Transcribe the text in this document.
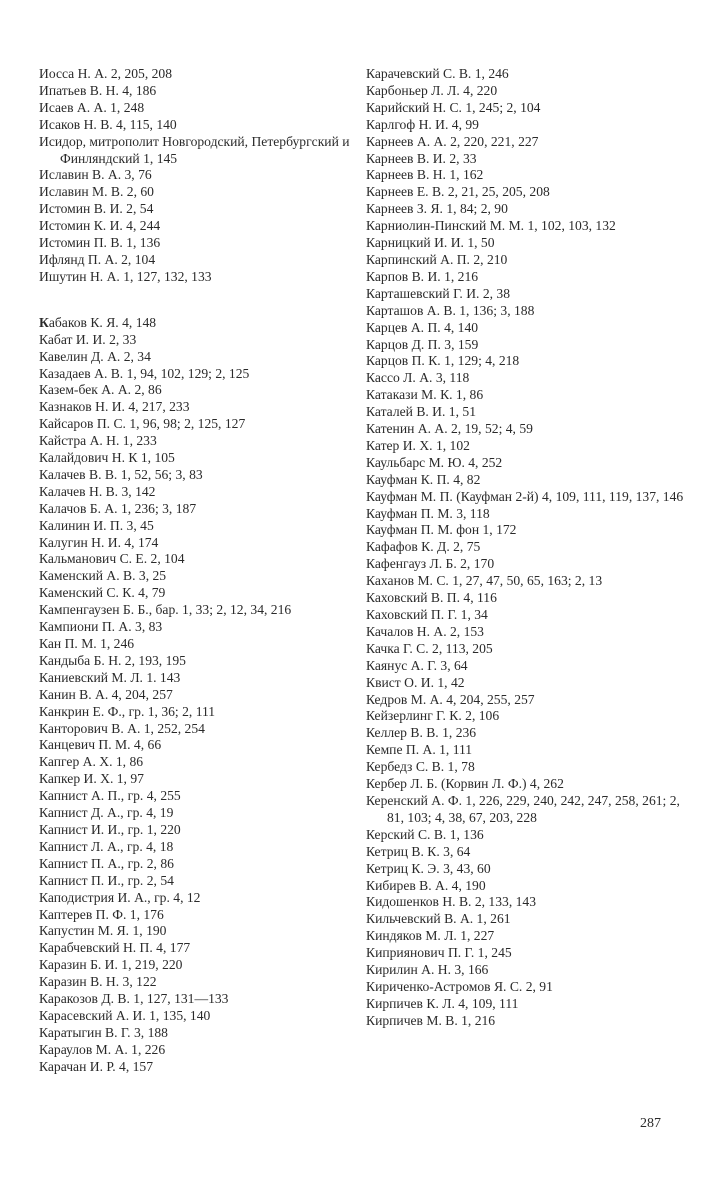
Иосса Н. А. 2, 205, 208

Ипатьев В. Н. 4, 186

Исаев А. А. 1, 248

Исаков Н. В. 4, 115, 140

Исидор, митрополит Новгородский, Петербургский и Финляндский 1, 145

Иславин В. А. 3, 76

Иславин М. В. 2, 60

Истомин В. И. 2, 54

Истомин К. И. 4, 244

Истомин П. В. 1, 136

Ифлянд П. А. 2, 104

Ишутин Н. А. 1, 127, 132, 133

Кабаков К. Я. 4, 148

Кабат И. И. 2, 33

Кавелин Д. А. 2, 34

Казадаев А. В. 1, 94, 102, 129; 2, 125

Казем-бек А. А. 2, 86

Казнаков Н. И. 4, 217, 233

Кайсаров П. С. 1, 96, 98; 2, 125, 127

Кайстра А. Н. 1, 233

Калайдович Н. К 1, 105

Калачев В. В. 1, 52, 56; 3, 83

Калачев Н. В. 3, 142

Калачов Б. А. 1, 236; 3, 187

Калинин И. П. 3, 45

Калугин Н. И. 4, 174

Кальманович С. Е. 2, 104

Каменский А. В. 3, 25

Каменский С. К. 4, 79

Кампенгаузен Б. Б., бар. 1, 33; 2, 12, 34, 216

Кампиони П. А. 3, 83

Кан П. М. 1, 246

Кандыба Б. Н. 2, 193, 195

Каниевский М. Л. 1. 143

Канин В. А. 4, 204, 257

Канкрин Е. Ф., гр. 1, 36; 2, 111

Канторович В. А. 1, 252, 254

Канцевич П. М. 4, 66

Капгер А. Х. 1, 86

Капкер И. Х. 1, 97

Капнист А. П., гр. 4, 255

Капнист Д. А., гр. 4, 19

Капнист И. И., гр. 1, 220

Капнист Л. А., гр. 4, 18

Капнист П. А., гр. 2, 86

Капнист П. И., гр. 2, 54

Каподистрия И. А., гр. 4, 12

Каптерев П. Ф. 1, 176

Капустин М. Я. 1, 190

Карабчевский Н. П. 4, 177

Каразин Б. И. 1, 219, 220

Каразин В. Н. 3, 122

Каракозов Д. В. 1, 127, 131—133

Карасевский А. И. 1, 135, 140

Каратыгин В. Г. 3, 188

Караулов М. А. 1, 226

Карачан И. Р. 4, 157

Карачевский С. В. 1, 246

Карбоньер Л. Л. 4, 220

Карийский Н. С. 1, 245; 2, 104

Карлгоф Н. И. 4, 99

Карнеев А. А. 2, 220, 221, 227

Карнеев В. И. 2, 33

Карнеев В. Н. 1, 162

Карнеев Е. В. 2, 21, 25, 205, 208

Карнеев З. Я. 1, 84; 2, 90

Карниолин-Пинский М. М. 1, 102, 103, 132

Карницкий И. И. 1, 50

Карпинский А. П. 2, 210

Карпов В. И. 1, 216

Карташевский Г. И. 2, 38

Карташов А. В. 1, 136; 3, 188

Карцев А. П. 4, 140

Карцов Д. П. 3, 159

Карцов П. К. 1, 129; 4, 218

Кассо Л. А. 3, 118

Катакази М. К. 1, 86

Каталей В. И. 1, 51

Катенин А. А. 2, 19, 52; 4, 59

Катер И. Х. 1, 102

Каульбарс М. Ю. 4, 252

Кауфман К. П. 4, 82

Кауфман М. П. (Кауфман 2-й) 4, 109, 111, 119, 137, 146

Кауфман П. М. 3, 118

Кауфман П. М. фон 1, 172

Кафафов К. Д. 2, 75

Кафенгауз Л. Б. 2, 170

Каханов М. С. 1, 27, 47, 50, 65, 163; 2, 13

Каховский В. П. 4, 116

Каховский П. Г. 1, 34

Качалов Н. А. 2, 153

Качка Г. С. 2, 113, 205

Каянус А. Г. 3, 64

Квист О. И. 1, 42

Кедров М. А. 4, 204, 255, 257

Кейзерлинг Г. К. 2, 106

Келлер В. В. 1, 236

Кемпе П. А. 1, 111

Кербедз С. В. 1, 78

Кербер Л. Б. (Корвин Л. Ф.) 4, 262

Керенский А. Ф. 1, 226, 229, 240, 242, 247, 258, 261; 2, 81, 103; 4, 38, 67, 203, 228

Керский С. В. 1, 136

Кетриц В. К. 3, 64

Кетриц К. Э. 3, 43, 60

Кибирев В. А. 4, 190

Кидошенков Н. В. 2, 133, 143

Кильчевский В. А. 1, 261

Киндяков М. Л. 1, 227

Киприянович П. Г. 1, 245

Кирилин А. Н. 3, 166

Кириченко-Астромов Я. С. 2, 91

Кирпичев К. Л. 4, 109, 111

Кирпичев М. В. 1, 216

287
